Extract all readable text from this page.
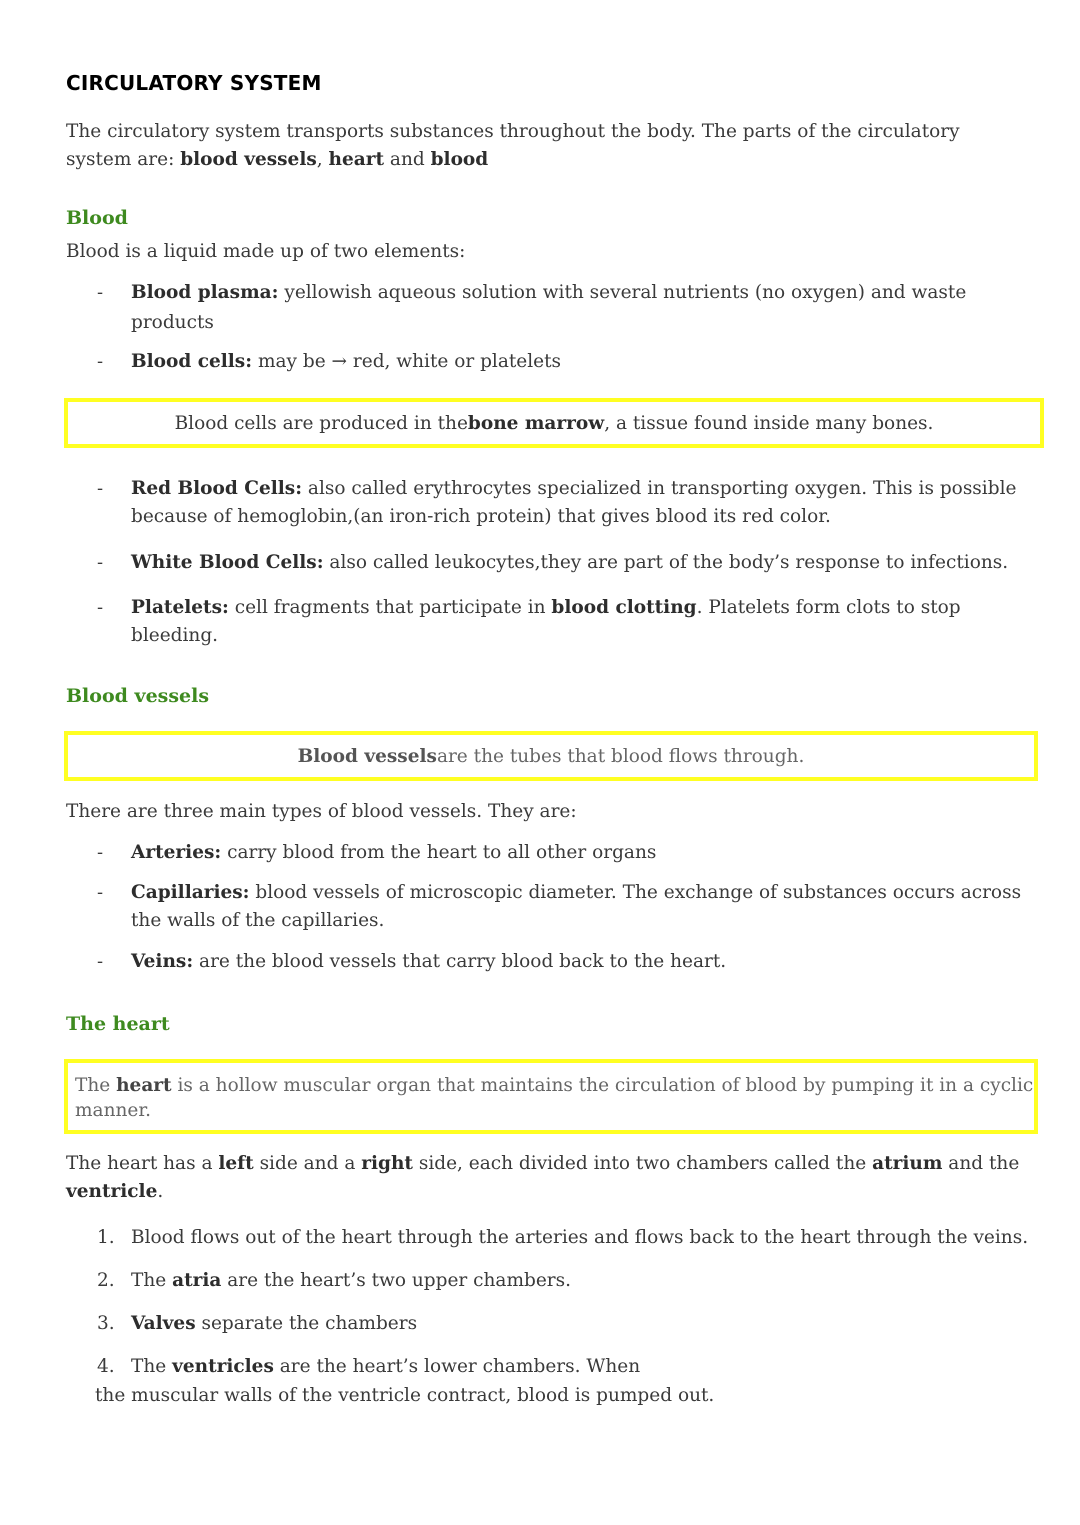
CIRCULATORY SYSTEM
The circulatory system transports substances throughout the body. The parts of the circulatory
system are: blood vessels, heart and blood
Blood
Blood is a liquid made up of two elements:
- Blood plasma: yellowish aqueous solution with several nutrients (no oxygen) and waste
products
- Blood cells: may be → red, white or platelets
Blood cells are produced in the bone marrow , a tissue found inside many bones.
- Red Blood Cells: also called erythrocytes specialized in transporting oxygen. This is possible
because of hemoglobin,(an iron-rich protein) that gives blood its red color.
- White Blood Cells: also called leukocytes,they are part of the body’s response to infections.
- Platelets: cell fragments that participate in blood clotting. Platelets form clots to stop
bleeding.
Blood vessels
Blood vessels are the tubes that blood flows through.
There are three main types of blood vessels. They are:
- Arteries: carry blood from the heart to all other organs
- Capillaries: blood vessels of microscopic diameter. The exchange of substances occurs across
the walls of the capillaries.
- Veins: are the blood vessels that carry blood back to the heart.
The heart
The heart is a hollow muscular organ that maintains the circulation of blood by pumping it in a cyclic
manner.
The heart has a left side and a right side, each divided into two chambers called the atrium and the
ventricle.
1. Blood flows out of the heart through the arteries and flows back to the heart through the veins.
2. The atria are the heart’s two upper chambers.
3. Valves separate the chambers
4. The ventricles are the heart’s lower chambers. When
the muscular walls of the ventricle contract, blood is pumped out.
